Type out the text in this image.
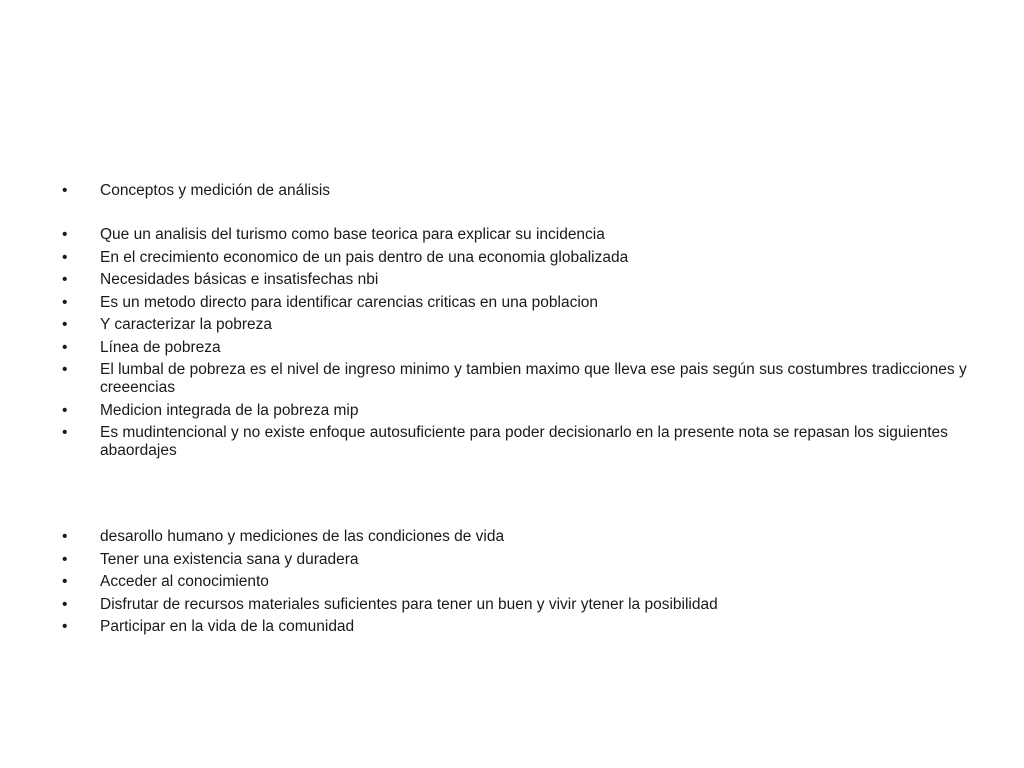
• Conceptos y medición de análisis
• Que un analisis del turismo como base teorica para explicar su incidencia
• En el crecimiento economico de un pais dentro de una economia globalizada
• Necesidades básicas e insatisfechas nbi
• Es un metodo directo para identificar carencias criticas en una poblacion
• Y caracterizar la pobreza
• Línea de pobreza
• El lumbal de pobreza es el nivel de ingreso minimo y tambien maximo que lleva ese pais según sus costumbres tradicciones y creeencias
• Medicion integrada de la pobreza mip
• Es mudintencional y no existe enfoque autosuficiente para poder decisionarlo en la presente nota se repasan los siguientes abaordajes
• desarollo humano y mediciones de las condiciones de vida
• Tener una existencia sana y duradera
• Acceder al conocimiento
• Disfrutar de recursos materiales suficientes para tener un buen y vivir ytener la posibilidad
• Participar en la vida de la comunidad
